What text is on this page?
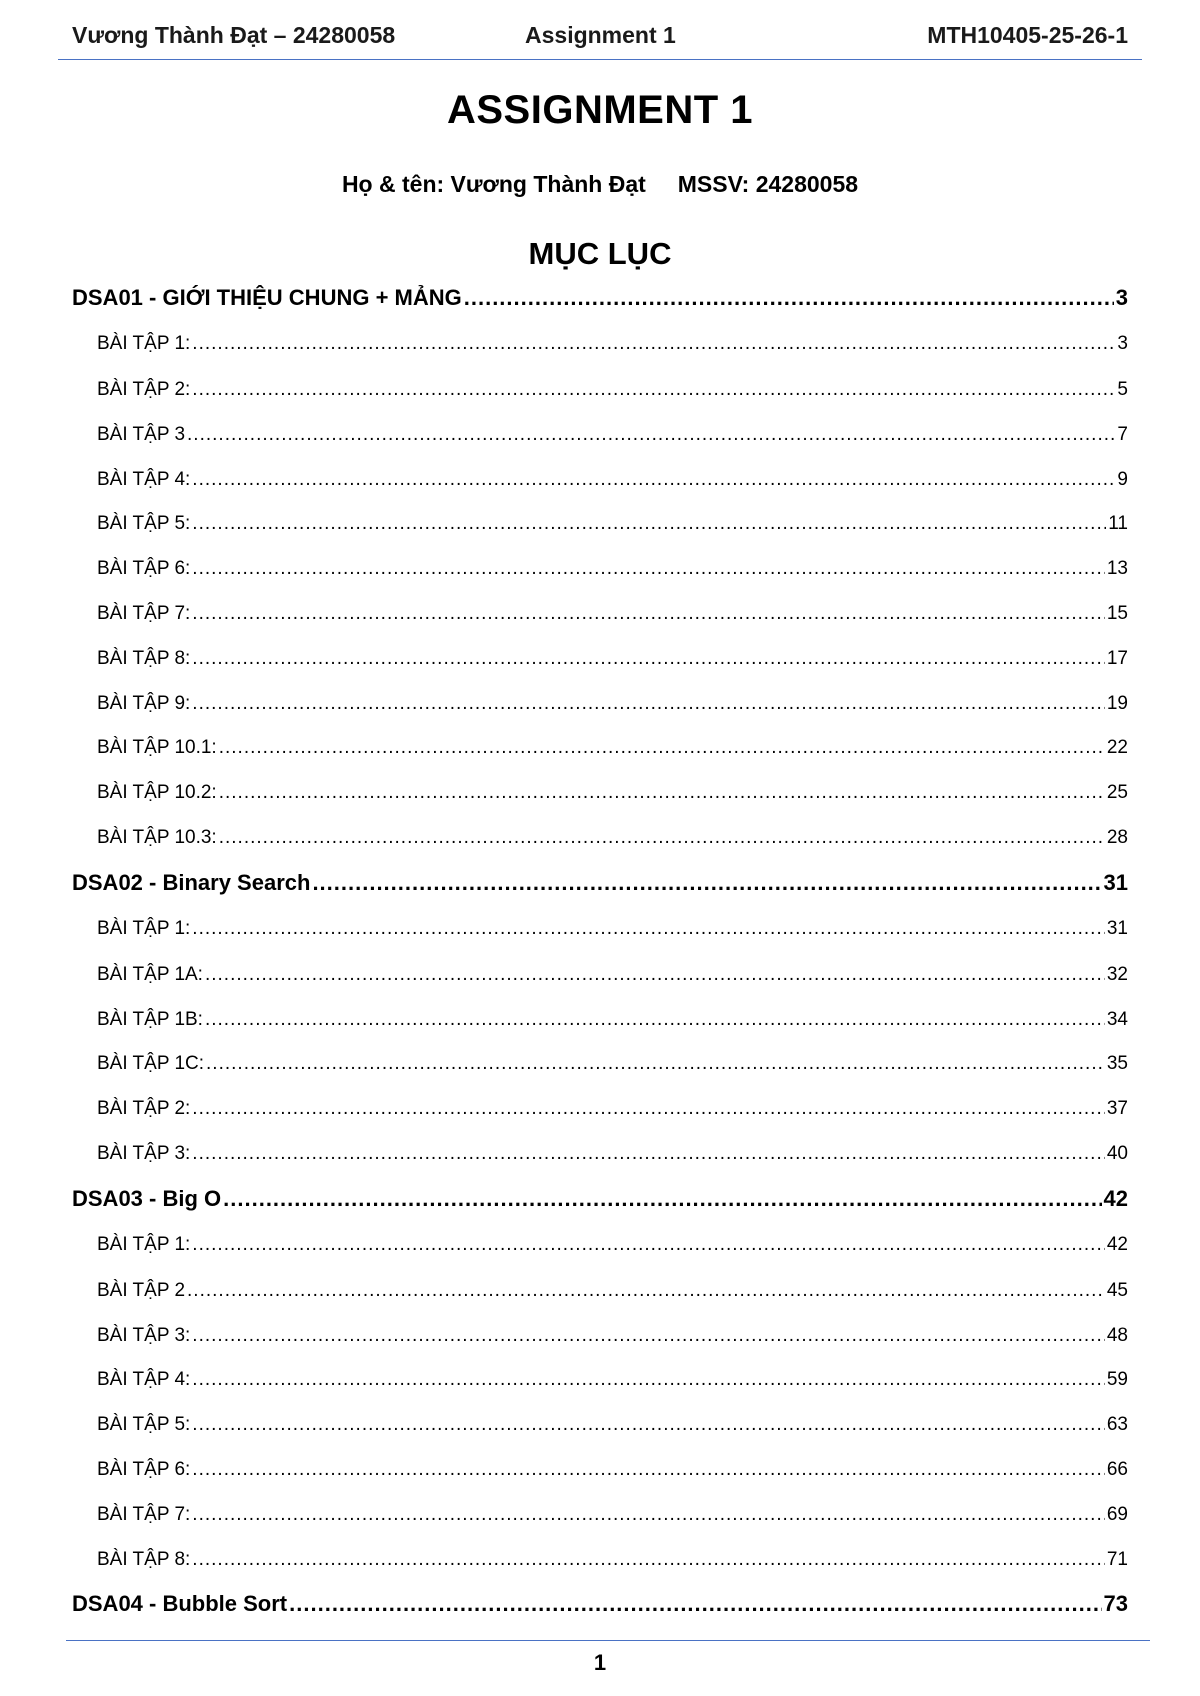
Vương Thành Đạt – 24280058	Assignment 1	MTH10405-25-26-1
ASSIGNMENT 1
Họ & tên: Vương Thành Đạt     MSSV: 24280058
MỤC LỤC
DSA01 - GIỚI THIỆU CHUNG + MẢNG .....	3
BÀI TẬP 1: .....	3
BÀI TẬP 2: .....	5
BÀI TẬP 3 .....	7
BÀI TẬP 4: .....	9
BÀI TẬP 5: .....	11
BÀI TẬP 6: .....	13
BÀI TẬP 7: .....	15
BÀI TẬP 8: .....	17
BÀI TẬP 9: .....	19
BÀI TẬP 10.1: .....	22
BÀI TẬP 10.2: .....	25
BÀI TẬP 10.3: .....	28
DSA02 - Binary Search .....	31
BÀI TẬP 1: .....	31
BÀI TẬP 1A: .....	32
BÀI TẬP 1B: .....	34
BÀI TẬP 1C: .....	35
BÀI TẬP 2: .....	37
BÀI TẬP 3: .....	40
DSA03 - Big O .....	42
BÀI TẬP 1: .....	42
BÀI TẬP 2 .....	45
BÀI TẬP 3: .....	48
BÀI TẬP 4: .....	59
BÀI TẬP 5: .....	63
BÀI TẬP 6: .....	66
BÀI TẬP 7: .....	69
BÀI TẬP 8: .....	71
DSA04 - Bubble Sort .....	73
1
